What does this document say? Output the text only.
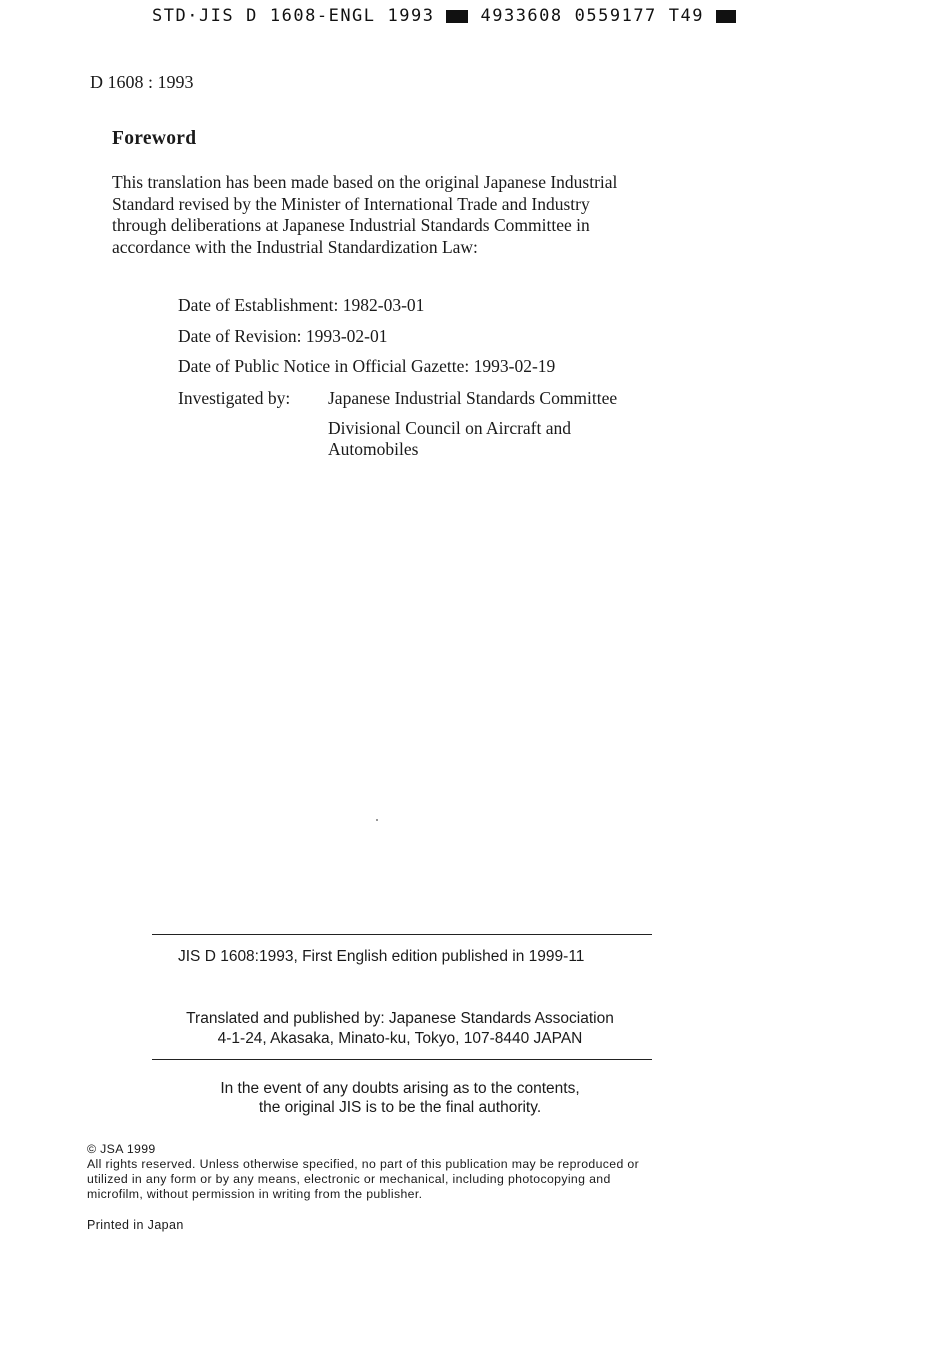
STD·JIS D 1608-ENGL 1993	4933608 0559177 T49
D 1608 : 1993
Foreword
This translation has been made based on the original Japanese Industrial
Standard revised by the Minister of International Trade and Industry
through deliberations at Japanese Industrial Standards Committee in
accordance with the Industrial Standardization Law:
Date of Establishment: 1982-03-01
Date of Revision: 1993-02-01
Date of Public Notice in Official Gazette: 1993-02-19
Investigated by: Japanese Industrial Standards Committee
Divisional Council on Aircraft and
Automobiles
JIS D 1608:1993, First English edition published in 1999-11
Translated and published by: Japanese Standards Association
4-1-24, Akasaka, Minato-ku, Tokyo, 107-8440 JAPAN
In the event of any doubts arising as to the contents,
the original JIS is to be the final authority.
© JSA 1999
All rights reserved. Unless otherwise specified, no part of this publication may be reproduced or
utilized in any form or by any means, electronic or mechanical, including photocopying and
microfilm, without permission in writing from the publisher.
Printed in Japan
